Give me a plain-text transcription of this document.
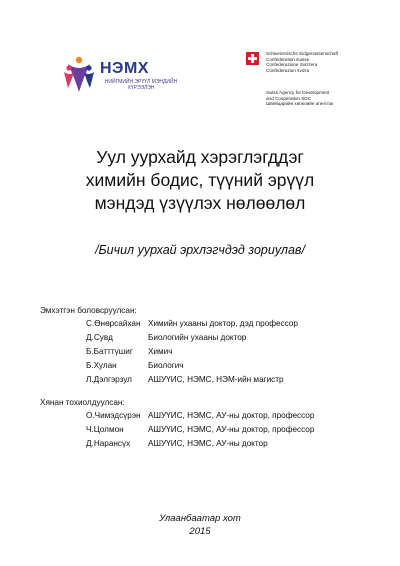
НЭМХ
НИЙГМИЙН ЭРҮҮЛ МЭНДИЙН ХҮРЭЭЛЭН
Schweizerische Eidgenossenschaft
Confédération suisse
Confederazione Svizzera
Confederaziun svizra
Swiss Agency for Development
and Cooperation SDC
Швейцарийн хөгжлийн агентлаг
Уул уурхайд хэрэглэгддэг
химийн бодис, түүний эрүүл
мэндэд үзүүлэх нөлөөлөл
/Бичил уурхай эрхлэгчдэд зориулав/
Эмхэтгэн боловсруулсан:
С.Өнөрсайхан Химийн ухааны доктор, дэд профессор
Д.Сувд	Биологийн ухааны доктор
Б.Батттүшиг Химич
Б.Хулан	Биологич
Л.Дэлгэрзул АШУҮИС, НЭМС, НЭМ-ийн магистр
Хянан тохиолдуулсан:
О.Чимэдсүрэн АШУҮИС, НЭМС, АУ-ны доктор, профессор
Ч.Цолмон	АШУҮИС, НЭМС, АУ-ны доктор, профессор
Д.Нарансүх АШУҮИС, НЭМС, АУ-ны доктор
Улаанбаатар хот
2015
